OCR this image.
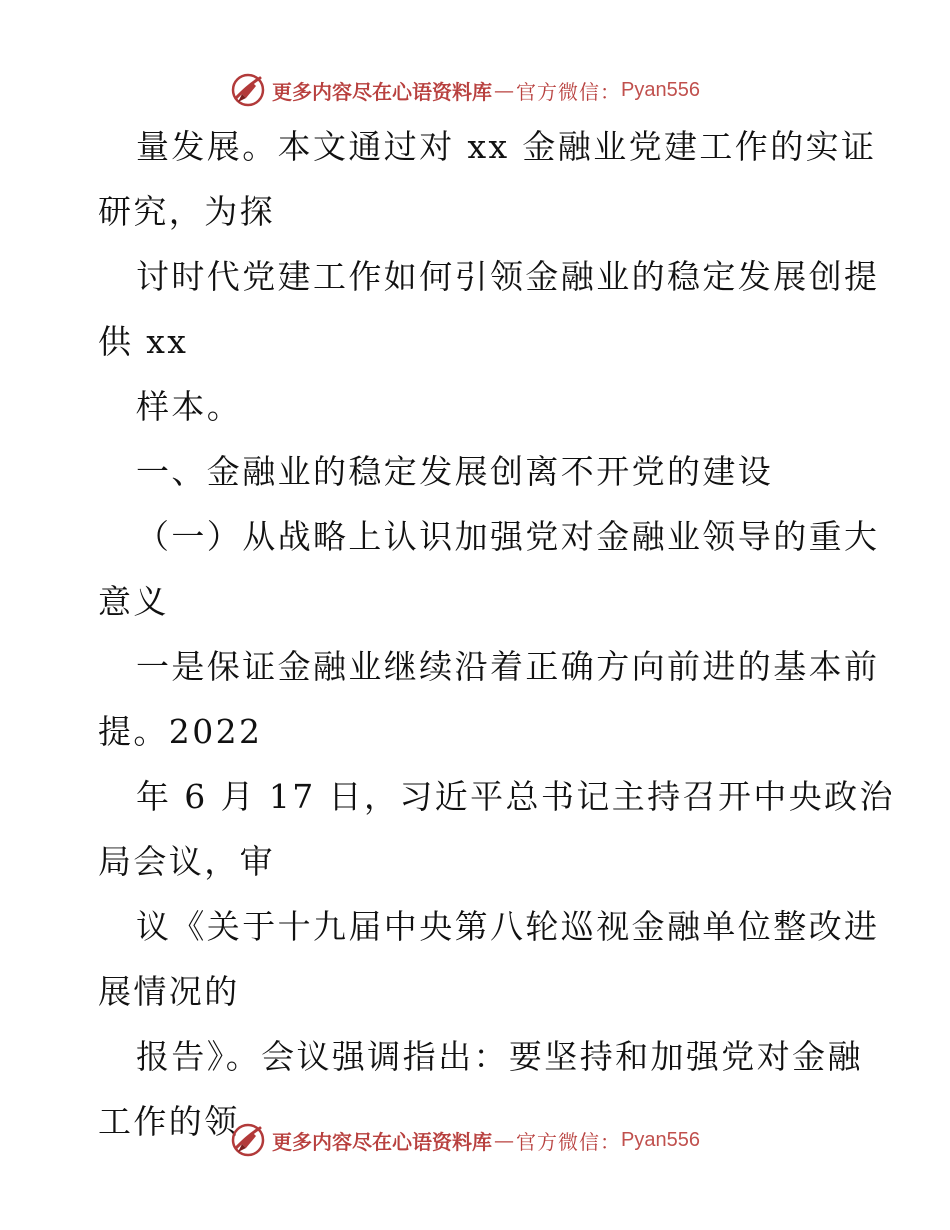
更多内容尽在心语资料库 — 官方微信： Pyan556
量发展。本文通过对 xx 金融业党建工作的实证
研究，为探
讨时代党建工作如何引领金融业的稳定发展创提
供 xx
样本。
一、金融业的稳定发展创离不开党的建设
（一）从战略上认识加强党对金融业领导的重大
意义
一是保证金融业继续沿着正确方向前进的基本前
提。2022
年 6 月 17 日，习近平总书记主持召开中央政治
局会议，审
议《关于十九届中央第八轮巡视金融单位整改进
展情况的
报告》。会议强调指出：要坚持和加强党对金融
工作的领
更多内容尽在心语资料库 — 官方微信： Pyan556
